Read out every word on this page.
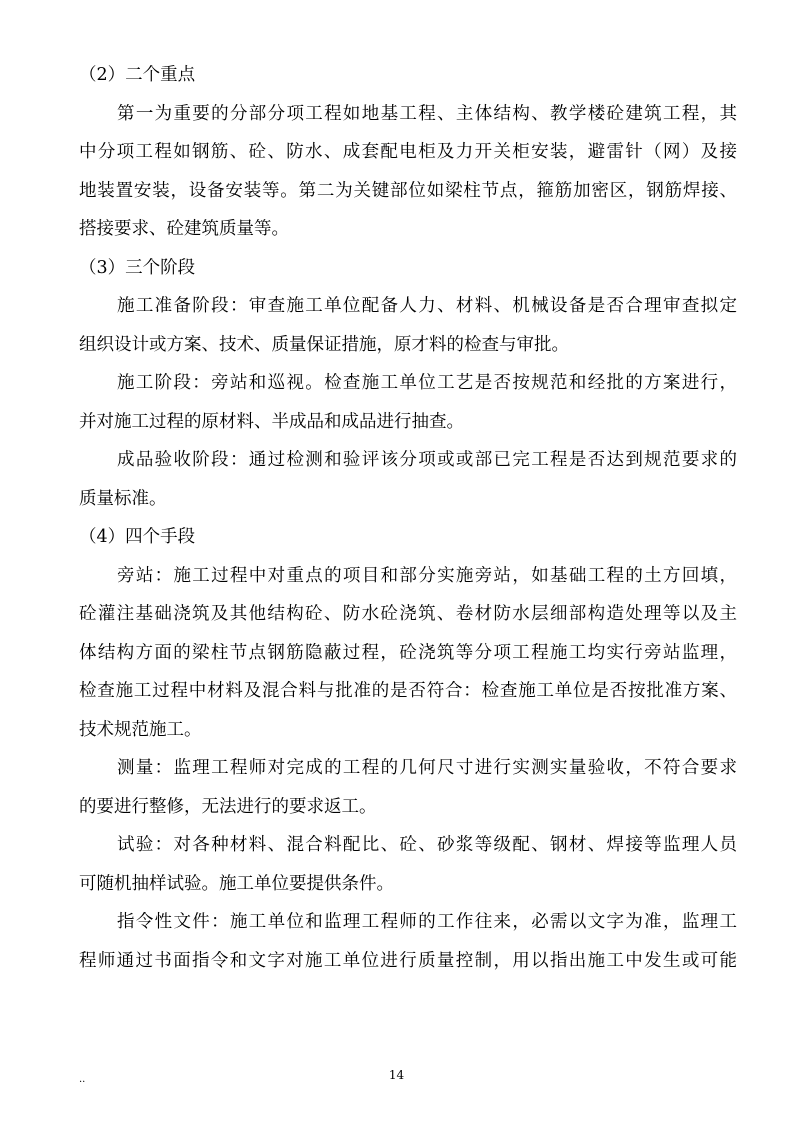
（2）二个重点
第一为重要的分部分项工程如地基工程、主体结构、教学楼砼建筑工程，其
中分项工程如钢筋、砼、防水、成套配电柜及力开关柜安装，避雷针（网）及接
地装置安装，设备安装等。第二为关键部位如梁柱节点，箍筋加密区，钢筋焊接、
搭接要求、砼建筑质量等。
（3）三个阶段
施工准备阶段：审查施工单位配备人力、材料、机械设备是否合理审查拟定
组织设计或方案、技术、质量保证措施，原才料的检查与审批。
施工阶段：旁站和巡视。检查施工单位工艺是否按规范和经批的方案进行，
并对施工过程的原材料、半成品和成品进行抽查。
成品验收阶段：通过检测和验评该分项或或部已完工程是否达到规范要求的
质量标准。
（4）四个手段
旁站：施工过程中对重点的项目和部分实施旁站，如基础工程的土方回填，
砼灌注基础浇筑及其他结构砼、防水砼浇筑、卷材防水层细部构造处理等以及主
体结构方面的梁柱节点钢筋隐蔽过程，砼浇筑等分项工程施工均实行旁站监理，
检查施工过程中材料及混合料与批准的是否符合：检查施工单位是否按批准方案、
技术规范施工。
测量：监理工程师对完成的工程的几何尺寸进行实测实量验收，不符合要求
的要进行整修，无法进行的要求返工。
试验：对各种材料、混合料配比、砼、砂浆等级配、钢材、焊接等监理人员
可随机抽样试验。施工单位要提供条件。
指令性文件：施工单位和监理工程师的工作往来，必需以文字为准，监理工
程师通过书面指令和文字对施工单位进行质量控制，用以指出施工中发生或可能
..	14
